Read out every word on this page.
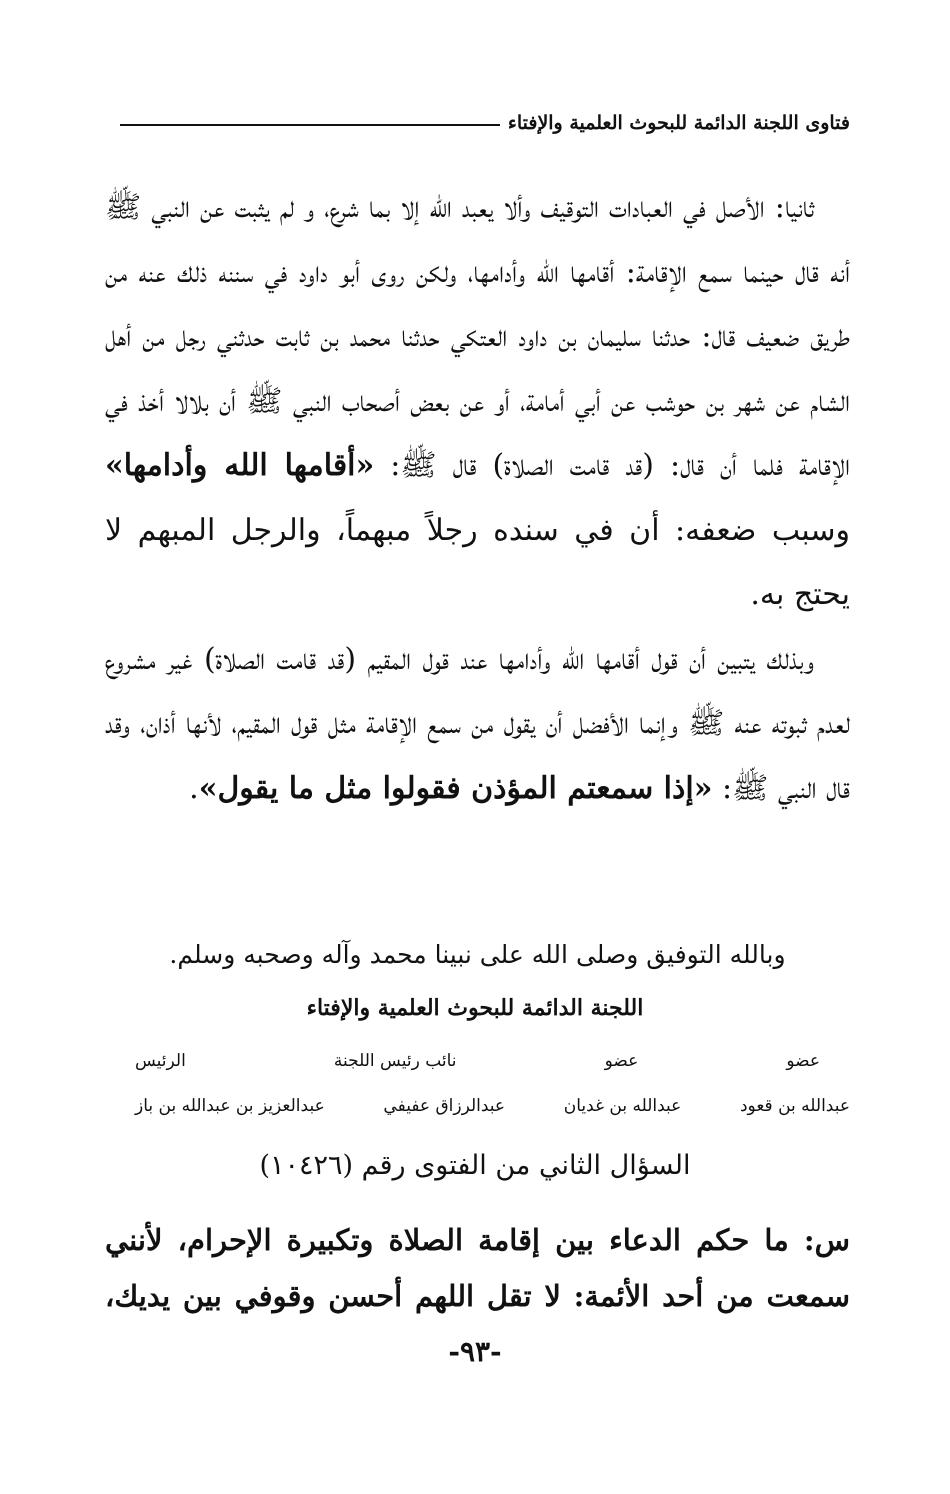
فتاوى اللجنة الدائمة للبحوث العلمية والإفتاء

ثانيا: الأصل في العبادات التوقيف وألا يعبد الله إلا بما شرع، و لم يثبت عن النبي ﷺ أنه قال حينما سمع الإقامة: أقامها الله وأدامها، ولكن روى أبو داود في سننه ذلك عنه من طريق ضعيف قال: حدثنا سليمان بن داود العتكي حدثنا محمد بن ثابت حدثني رجل من أهل الشام عن شهر بن حوشب عن أبي أمامة، أو عن بعض أصحاب النبي ﷺ أن بلالا أخذ في الإقامة فلما أن قال: (قد قامت الصلاة) قال ﷺ: «أقامها الله وأدامها» وسبب ضعفه: أن في سنده رجلاً مبهماً، والرجل المبهم لا يحتج به.

وبذلك يتبين أن قول أقامها الله وأدامها عند قول المقيم (قد قامت الصلاة) غير مشروع لعدم ثبوته عنه ﷺ وإنما الأفضل أن يقول من سمع الإقامة مثل قول المقيم، لأنها أذان، وقد قال النبي ﷺ: «إذا سمعتم المؤذن فقولوا مثل ما يقول».

وبالله التوفيق وصلى الله على نبينا محمد وآله وصحبه وسلم.
اللجنة الدائمة للبحوث العلمية والإفتاء
عضو
عضو
نائب رئيس اللجنة
الرئيس
عبدالله بن قعود
عبدالله بن غديان
عبدالرزاق عفيفي
عبدالعزيز بن عبدالله بن باز
السؤال الثاني من الفتوى رقم (١٠٤٢٦)
س: ما حكم الدعاء بين إقامة الصلاة وتكبيرة الإحرام، لأنني سمعت من أحد الأئمة: لا تقل اللهم أحسن وقوفي بين يديك،
-٩٣-
